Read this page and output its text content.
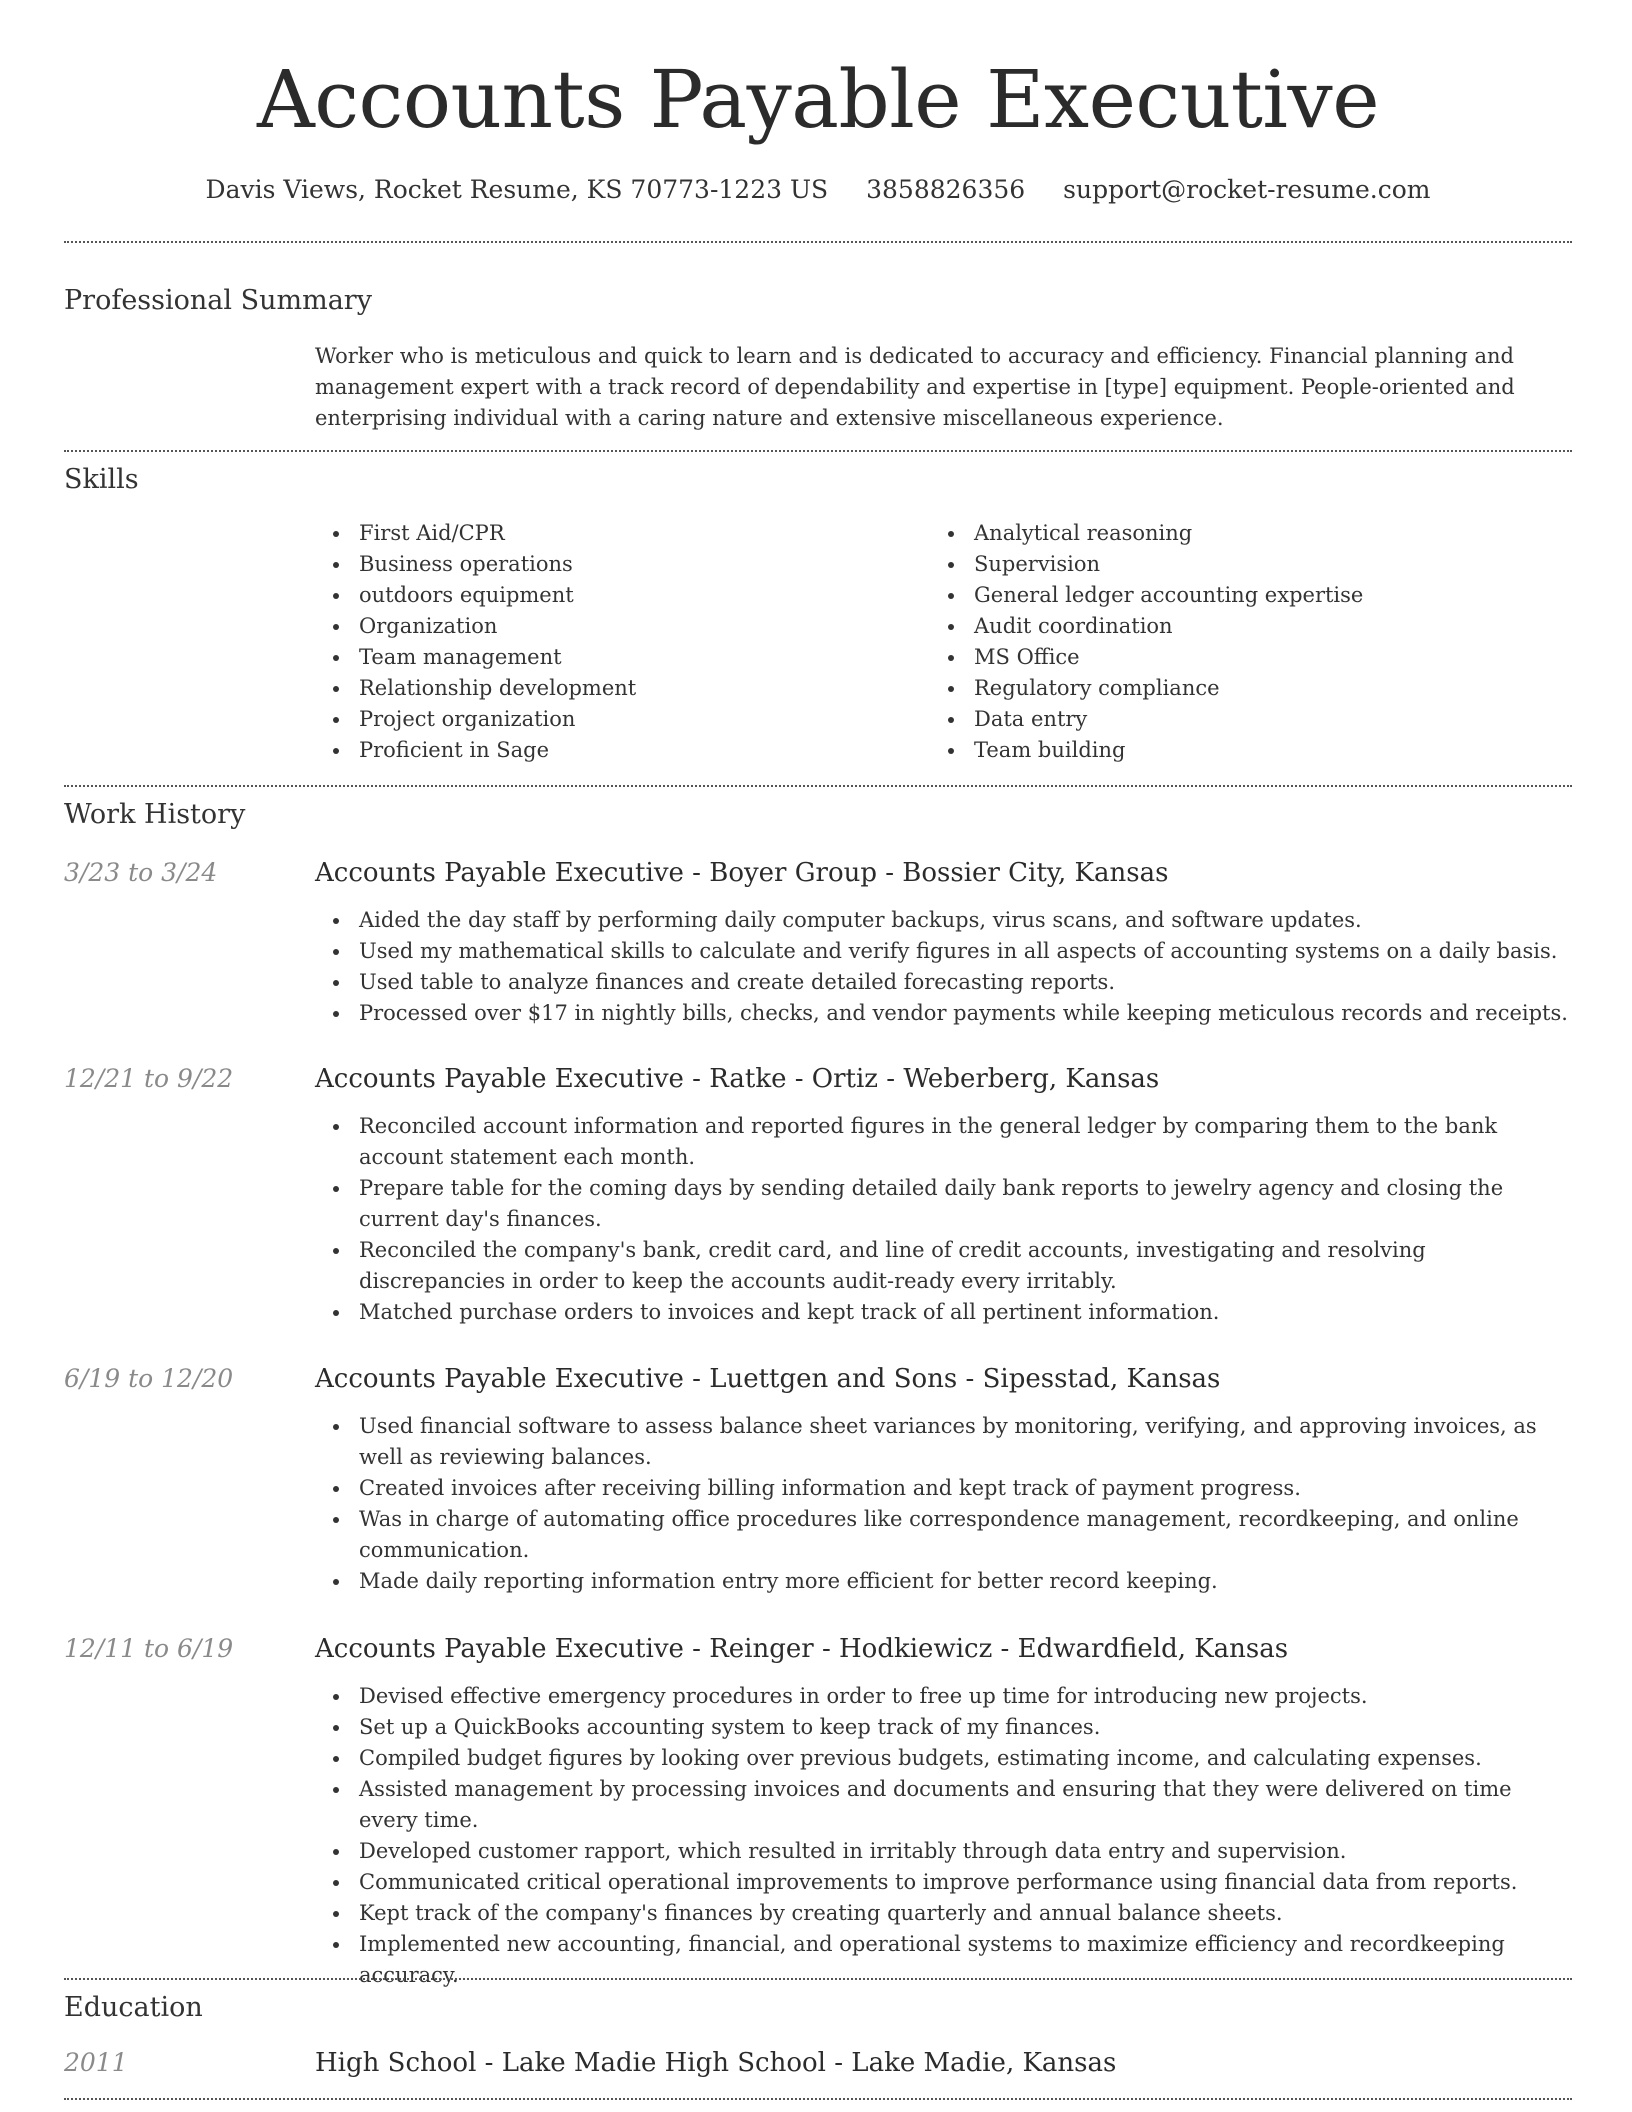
Accounts Payable Executive
Davis Views, Rocket Resume, KS 70773-1223 US 3858826356 support@rocket-resume.com
Professional Summary

Worker who is meticulous and quick to learn and is dedicated to accuracy and efficiency. Financial planning and management expert with a track record of dependability and expertise in [type] equipment. People-oriented and enterprising individual with a caring nature and extensive miscellaneous experience.

Skills
First Aid/CPR
Business operations
outdoors equipment
Organization
Team management
Relationship development
Project organization
Proficient in Sage
Analytical reasoning
Supervision
General ledger accounting expertise
Audit coordination
MS Office
Regulatory compliance
Data entry
Team building
Work History
3/23 to 3/24	Accounts Payable Executive - Boyer Group - Bossier City, Kansas
Aided the day staff by performing daily computer backups, virus scans, and software updates.
Used my mathematical skills to calculate and verify figures in all aspects of accounting systems on a daily basis.
Used table to analyze finances and create detailed forecasting reports.
Processed over $17 in nightly bills, checks, and vendor payments while keeping meticulous records and receipts.
12/21 to 9/22	Accounts Payable Executive - Ratke - Ortiz - Weberberg, Kansas
Reconciled account information and reported figures in the general ledger by comparing them to the bank account statement each month.
Prepare table for the coming days by sending detailed daily bank reports to jewelry agency and closing the current day's finances.
Reconciled the company's bank, credit card, and line of credit accounts, investigating and resolving discrepancies in order to keep the accounts audit-ready every irritably.
Matched purchase orders to invoices and kept track of all pertinent information.
6/19 to 12/20	Accounts Payable Executive - Luettgen and Sons - Sipesstad, Kansas
Used financial software to assess balance sheet variances by monitoring, verifying, and approving invoices, as well as reviewing balances.
Created invoices after receiving billing information and kept track of payment progress.
Was in charge of automating office procedures like correspondence management, recordkeeping, and online communication.
Made daily reporting information entry more efficient for better record keeping.
12/11 to 6/19	Accounts Payable Executive - Reinger - Hodkiewicz - Edwardfield, Kansas
Devised effective emergency procedures in order to free up time for introducing new projects.
Set up a QuickBooks accounting system to keep track of my finances.
Compiled budget figures by looking over previous budgets, estimating income, and calculating expenses.
Assisted management by processing invoices and documents and ensuring that they were delivered on time every time.
Developed customer rapport, which resulted in irritably through data entry and supervision.
Communicated critical operational improvements to improve performance using financial data from reports.
Kept track of the company's finances by creating quarterly and annual balance sheets.
Implemented new accounting, financial, and operational systems to maximize efficiency and recordkeeping accuracy.
Education
2011	High School - Lake Madie High School - Lake Madie, Kansas
